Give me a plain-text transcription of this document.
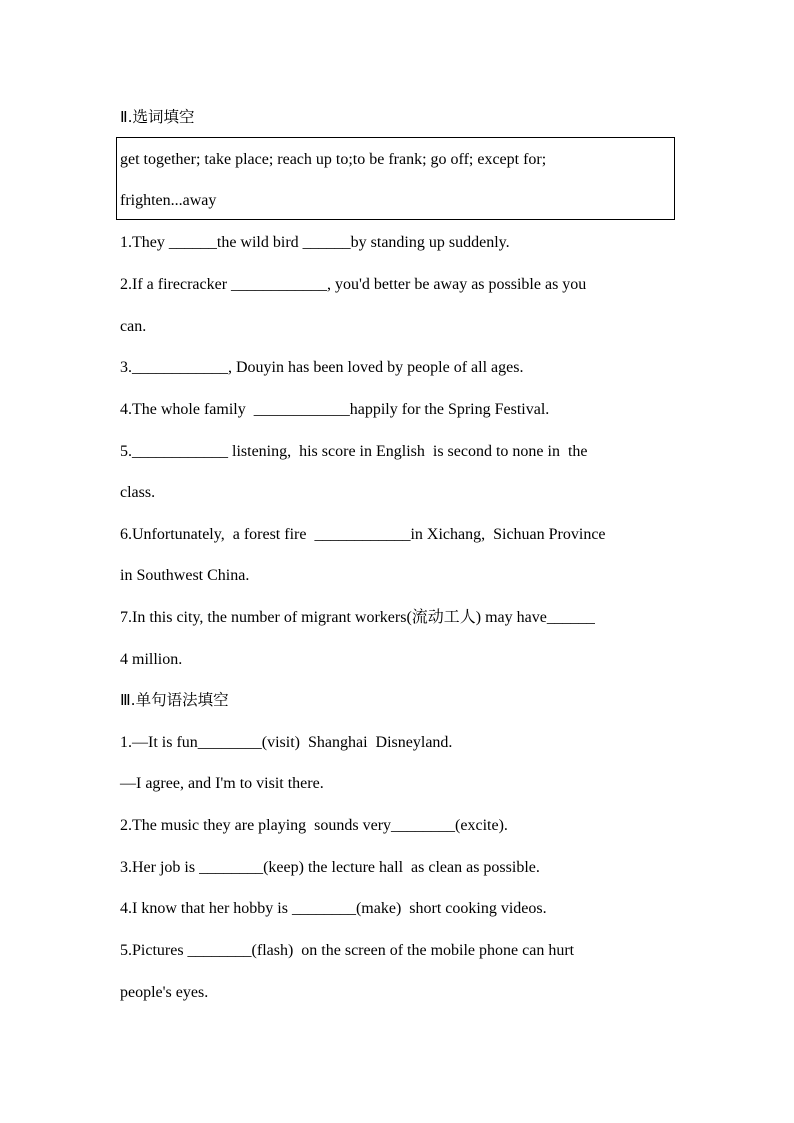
Ⅱ.选词填空
get together; take place; reach up to;to be frank; go off; except for;
frighten...away
1.They ______the wild bird ______by standing up suddenly.
2.If a firecracker ____________, you'd better be away as possible as you
can.
3.____________, Douyin has been loved by people of all ages.
4.The whole family  ____________happily for the Spring Festival.
5.____________ listening,  his score in English  is second to none in  the
class.
6.Unfortunately,  a forest fire  ____________in Xichang,  Sichuan Province
in Southwest China.
7.In this city, the number of migrant workers(流动工人) may have______
4 million.
Ⅲ.单句语法填空
1.—It is fun________(visit)  Shanghai  Disneyland.
—I agree, and I'm to visit there.
2.The music they are playing  sounds very________(excite).
3.Her job is ________(keep) the lecture hall  as clean as possible.
4.I know that her hobby is ________(make)  short cooking videos.
5.Pictures ________(flash)  on the screen of the mobile phone can hurt
people's eyes.
